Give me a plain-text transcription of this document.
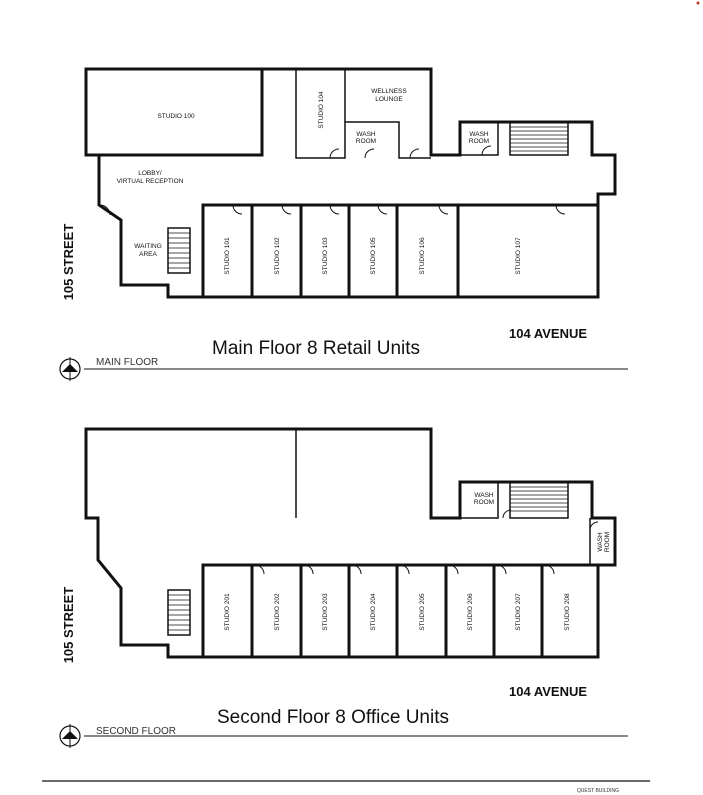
STUDIO 100	STUDIO 104	WELLNESS
LOUNGE
WASH
ROOM
WASH
ROOM
LOBBY/
VIRTUAL RECEPTION
WAITING
AREA	STUDIO 101	STUDIO 102	STUDIO 103	STUDIO 105	STUDIO 106	STUDIO 107
105 STREET
104 AVENUE
Main Floor 8 Retail Units
MAIN FLOOR
WASH
ROOM
WASH ROOM
STUDIO 201	STUDIO 202	STUDIO 203	STUDIO 204	STUDIO 205	STUDIO 206	STUDIO 207	STUDIO 208
105 STREET
104 AVENUE
Second Floor 8 Office Units
SECOND FLOOR
QUEST BUILDING
